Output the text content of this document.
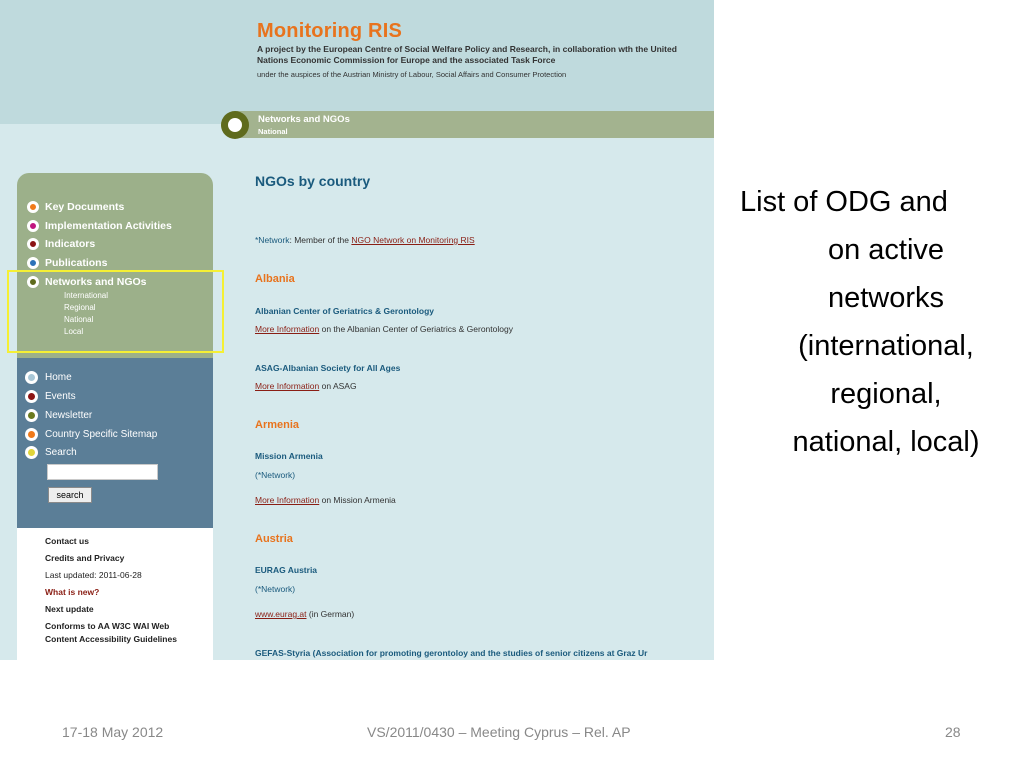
Monitoring RIS
A project by the European Centre of Social Welfare Policy and Research, in collaboration wth the United Nations Economic Commission for Europe and the associated Task Force
under the auspices of the Austrian Ministry of Labour, Social Affairs and Consumer Protection
Networks and NGOs
National
Key Documents
Implementation Activities
Indicators
Publications
Networks and NGOs
International
Regional
National
Local
Home
Events
Newsletter
Country Specific Sitemap
Search
search
Contact us
Credits and Privacy
Last updated: 2011-06-28
What is new?
Next update
Conforms to AA W3C WAI Web
Content Accessibility Guidelines
NGOs by country
*Network: Member of the NGO Network on Monitoring RIS
Albania
Albanian Center of Geriatrics & Gerontology
More Information on the Albanian Center of Geriatrics & Gerontology
ASAG-Albanian Society for All Ages
More Information on ASAG
Armenia
Mission Armenia
(*Network)
More Information on Mission Armenia
Austria
EURAG Austria
(*Network)
www.eurag.at (in German)
GEFAS-Styria (Association for promoting gerontoloy and the studies of senior citizens at Graz Ur
List of ODG and
on active
networks
(international,
regional,
national, local)
17-18 May 2012	VS/2011/0430 – Meeting Cyprus – Rel. AP	28
